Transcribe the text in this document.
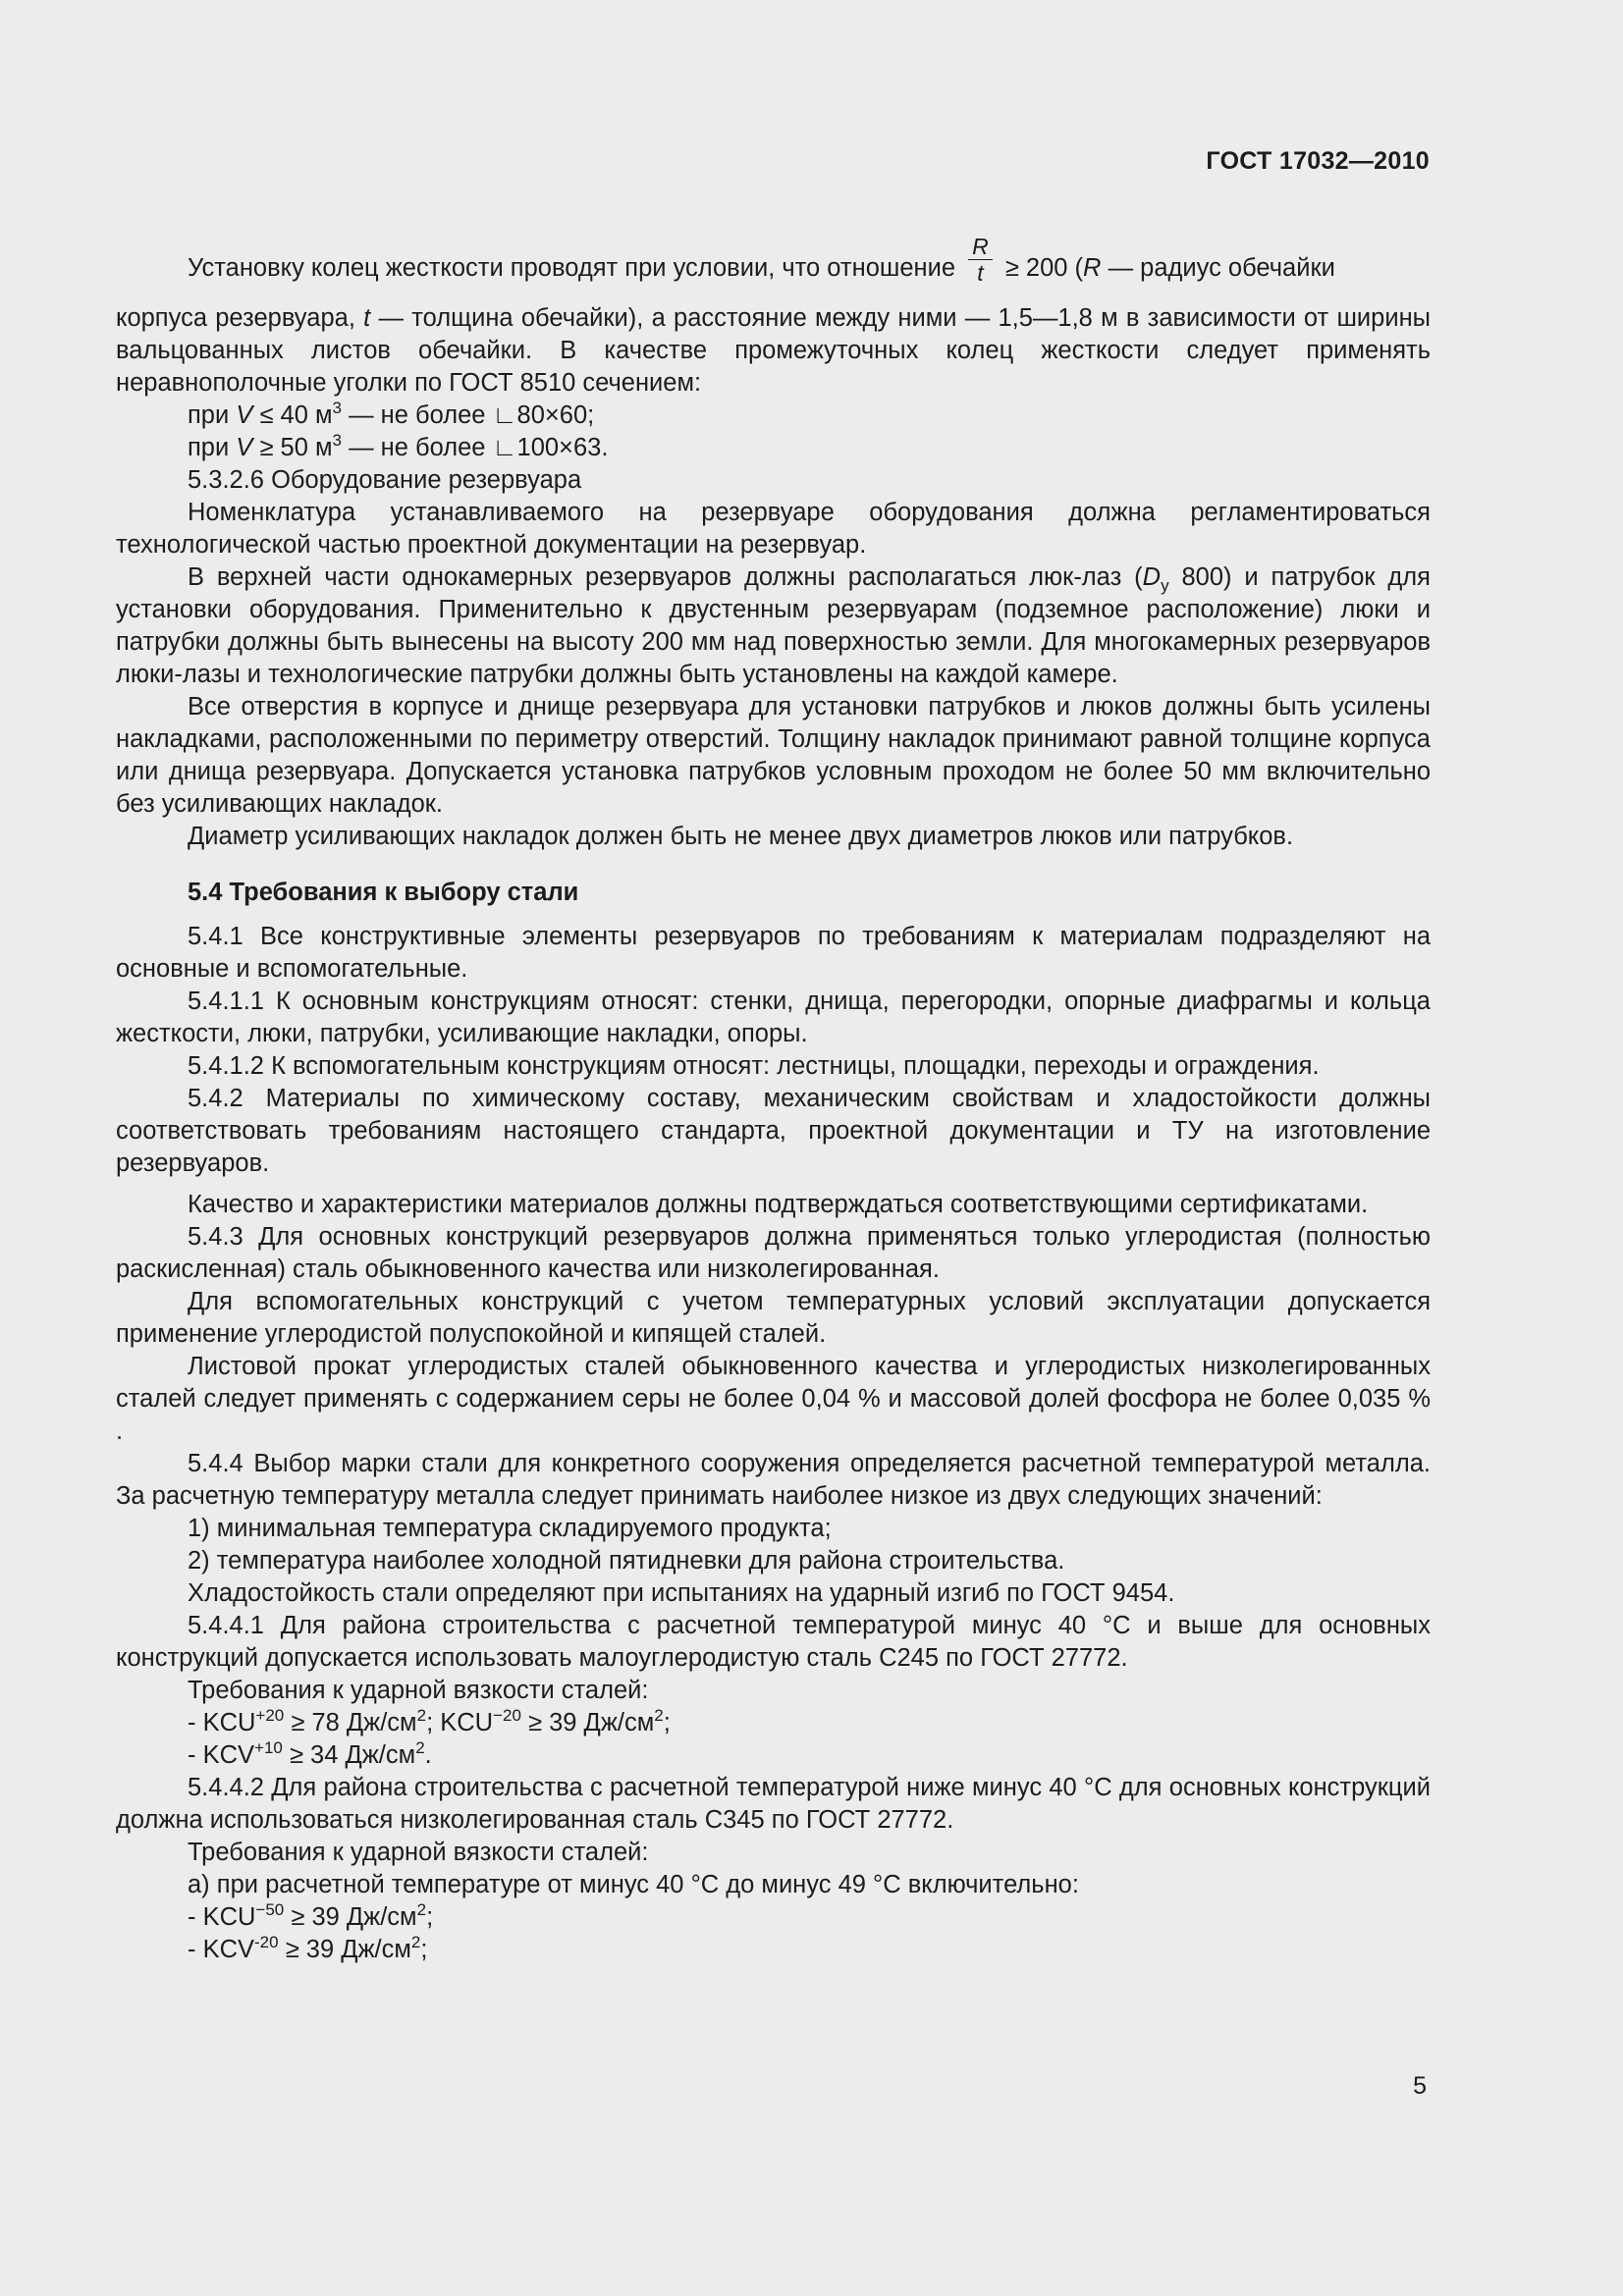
ГОСТ 17032—2010

Установку колец жесткости проводят при условии, что отношение $\frac{R}{t} \ge 200$ (R — радиус обечайки

корпуса резервуара, t — толщина обечайки), а расстояние между ними — 1,5—1,8 м в зависимости от ширины вальцованных листов обечайки. В качестве промежуточных колец жесткости следует применять неравнополочные уголки по ГОСТ 8510 сечением:

при V ≤ 40 $м^3$ — не более ∟80×60;

при V ≥ 50 $м^3$ — не более ∟100×63.

5.3.2.6 Оборудование резервуара

Номенклатура устанавливаемого на резервуаре оборудования должна регламентироваться технологической частью проектной документации на резервуар.

В верхней части однокамерных резервуаров должны располагаться люк-лаз ($D_y$ 800) и патрубок для установки оборудования. Применительно к двустенным резервуарам (подземное расположение) люки и патрубки должны быть вынесены на высоту 200 мм над поверхностью земли. Для многокамерных резервуаров люки-лазы и технологические патрубки должны быть установлены на каждой камере.

Все отверстия в корпусе и днище резервуара для установки патрубков и люков должны быть усилены накладками, расположенными по периметру отверстий. Толщину накладок принимают равной толщине корпуса или днища резервуара. Допускается установка патрубков условным проходом не более 50 мм включительно без усиливающих накладок.

Диаметр усиливающих накладок должен быть не менее двух диаметров люков или патрубков.

5.4 Требования к выбору стали

5.4.1 Все конструктивные элементы резервуаров по требованиям к материалам подразделяют на основные и вспомогательные.

5.4.1.1 К основным конструкциям относят: стенки, днища, перегородки, опорные диафрагмы и кольца жесткости, люки, патрубки, усиливающие накладки, опоры.

5.4.1.2 К вспомогательным конструкциям относят: лестницы, площадки, переходы и ограждения.

5.4.2 Материалы по химическому составу, механическим свойствам и хладостойкости должны соответствовать требованиям настоящего стандарта, проектной документации и ТУ на изготовление резервуаров.

Качество и характеристики материалов должны подтверждаться соответствующими сертификатами.

5.4.3 Для основных конструкций резервуаров должна применяться только углеродистая (полностью раскисленная) сталь обыкновенного качества или низколегированная.

Для вспомогательных конструкций с учетом температурных условий эксплуатации допускается применение углеродистой полуспокойной и кипящей сталей.

Листовой прокат углеродистых сталей обыкновенного качества и углеродистых низколегированных сталей следует применять с содержанием серы не более 0,04 % и массовой долей фосфора не более 0,035 % .

5.4.4 Выбор марки стали для конкретного сооружения определяется расчетной температурой металла. За расчетную температуру металла следует принимать наиболее низкое из двух следующих значений:

1) минимальная температура складируемого продукта;

2) температура наиболее холодной пятидневки для района строительства.

Хладостойкость стали определяют при испытаниях на ударный изгиб по ГОСТ 9454.

5.4.4.1 Для района строительства с расчетной температурой минус 40 °С и выше для основных конструкций допускается использовать малоуглеродистую сталь С245 по ГОСТ 27772.

Требования к ударной вязкости сталей:

- $KCU^{+20} \ge 78$ $Дж/см^2$; $KCU^{-20} \ge 39$ $Дж/см^2$;

- $KCV^{+10} \ge 34$ $Дж/см^2$.

5.4.4.2 Для района строительства с расчетной температурой ниже минус 40 °С для основных конструкций должна использоваться низколегированная сталь С345 по ГОСТ 27772.

Требования к ударной вязкости сталей:

а) при расчетной температуре от минус 40 °С до минус 49 °С включительно:

- $KCU^{-50} \ge 39$ $Дж/см^2$;

- $KCV^{-20} \ge 39$ $Дж/см^2$;

5
